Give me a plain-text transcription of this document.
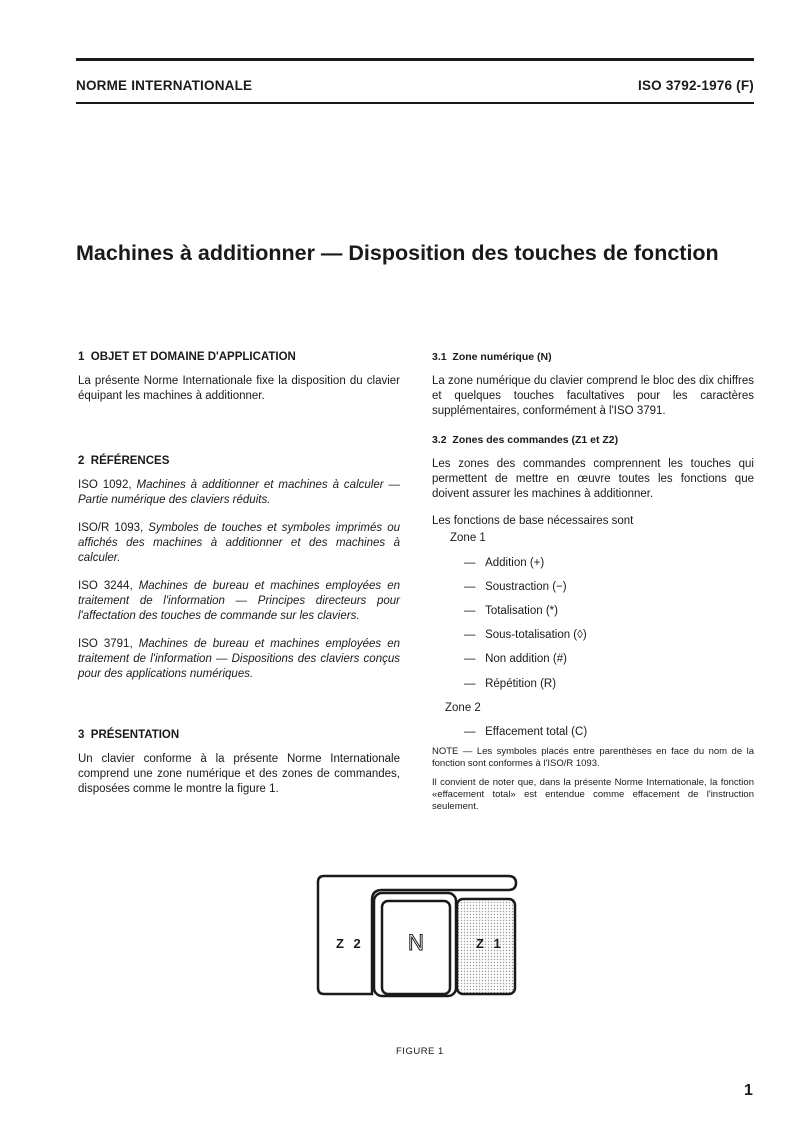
NORME INTERNATIONALE	ISO 3792-1976 (F)
Machines à additionner — Disposition des touches de fonction
1  OBJET ET DOMAINE D'APPLICATION

La présente Norme Internationale fixe la disposition du clavier équipant les machines à additionner.

2  RÉFÉRENCES

ISO 1092, Machines à additionner et machines à calculer — Partie numérique des claviers réduits.

ISO/R 1093, Symboles de touches et symboles imprimés ou affichés des machines à additionner et des machines à calculer.

ISO 3244, Machines de bureau et machines employées en traitement de l'information — Principes directeurs pour l'affectation des touches de commande sur les claviers.

ISO 3791, Machines de bureau et machines employées en traitement de l'information — Dispositions des claviers conçus pour des applications numériques.

3  PRÉSENTATION

Un clavier conforme à la présente Norme Internationale comprend une zone numérique et des zones de commandes, disposées comme le montre la figure 1.

3.1  Zone numérique (N)

La zone numérique du clavier comprend le bloc des dix chiffres et quelques touches facultatives pour les caractères supplémentaires, conformément à l'ISO 3791.

3.2  Zones des commandes (Z1 et Z2)

Les zones des commandes comprennent les touches qui permettent de mettre en œuvre toutes les fonctions que doivent assurer les machines à additionner.

Les fonctions de base nécessaires sont

Zone 1
— Addition (+)
— Soustraction (−)
— Totalisation (*)
— Sous-totalisation (◊)
— Non addition (#)
— Répétition (R)
Zone 2
— Effacement total (C)

NOTE — Les symboles placés entre parenthèses en face du nom de la fonction sont conformes à l'ISO/R 1093.

Il convient de noter que, dans la présente Norme Internationale, la fonction «effacement total» est entendue comme effacement de l'instruction seulement.

Z 2 N	Z 1
FIGURE 1
1
